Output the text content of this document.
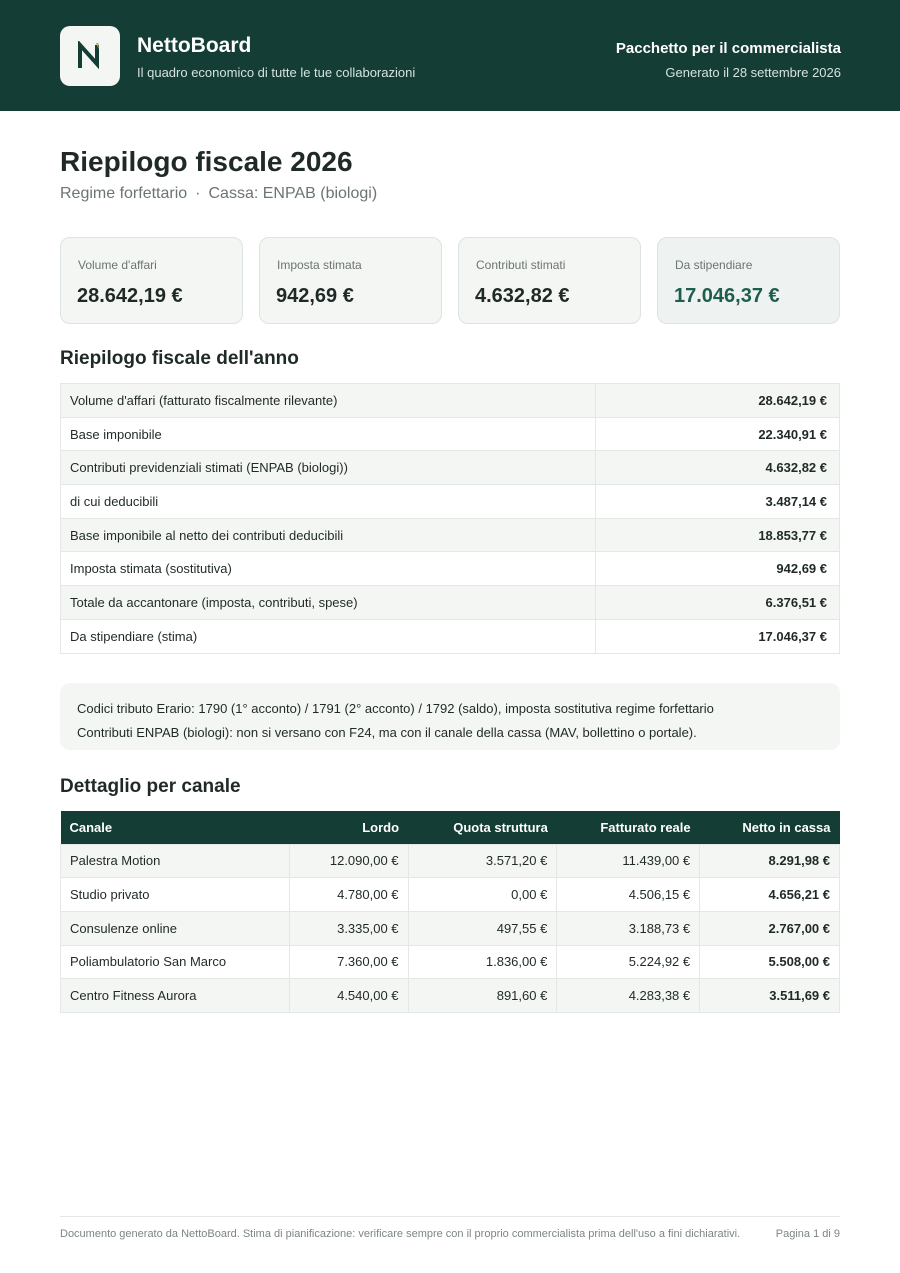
NettoBoard
Il quadro economico di tutte le tue collaborazioni
Pacchetto per il commercialista
Generato il 28 settembre 2026
Riepilogo fiscale 2026
Regime forfettario · Cassa: ENPAB (biologi)
Volume d'affari
28.642,19 €
Imposta stimata
942,69 €
Contributi stimati
4.632,82 €
Da stipendiare
17.046,37 €
Riepilogo fiscale dell'anno
Volume d'affari (fatturato fiscalmente rilevante)	28.642,19 €
Base imponibile	22.340,91 €
Contributi previdenziali stimati (ENPAB (biologi))	4.632,82 €
di cui deducibili	3.487,14 €
Base imponibile al netto dei contributi deducibili	18.853,77 €
Imposta stimata (sostitutiva)	942,69 €
Totale da accantonare (imposta, contributi, spese)	6.376,51 €
Da stipendiare (stima)	17.046,37 €
Codici tributo Erario: 1790 (1° acconto) / 1791 (2° acconto) / 1792 (saldo), imposta sostitutiva regime forfettario
Contributi ENPAB (biologi): non si versano con F24, ma con il canale della cassa (MAV, bollettino o portale).
Dettaglio per canale
Canale	Lordo	Quota struttura	Fatturato reale	Netto in cassa
Palestra Motion	12.090,00 €	3.571,20 €	11.439,00 €	8.291,98 €
Studio privato	4.780,00 €	0,00 €	4.506,15 €	4.656,21 €
Consulenze online	3.335,00 €	497,55 €	3.188,73 €	2.767,00 €
Poliambulatorio San Marco	7.360,00 €	1.836,00 €	5.224,92 €	5.508,00 €
Centro Fitness Aurora	4.540,00 €	891,60 €	4.283,38 €	3.511,69 €
Documento generato da NettoBoard. Stima di pianificazione: verificare sempre con il proprio commercialista prima dell'uso a fini dichiarativi.	Pagina 1 di 9
